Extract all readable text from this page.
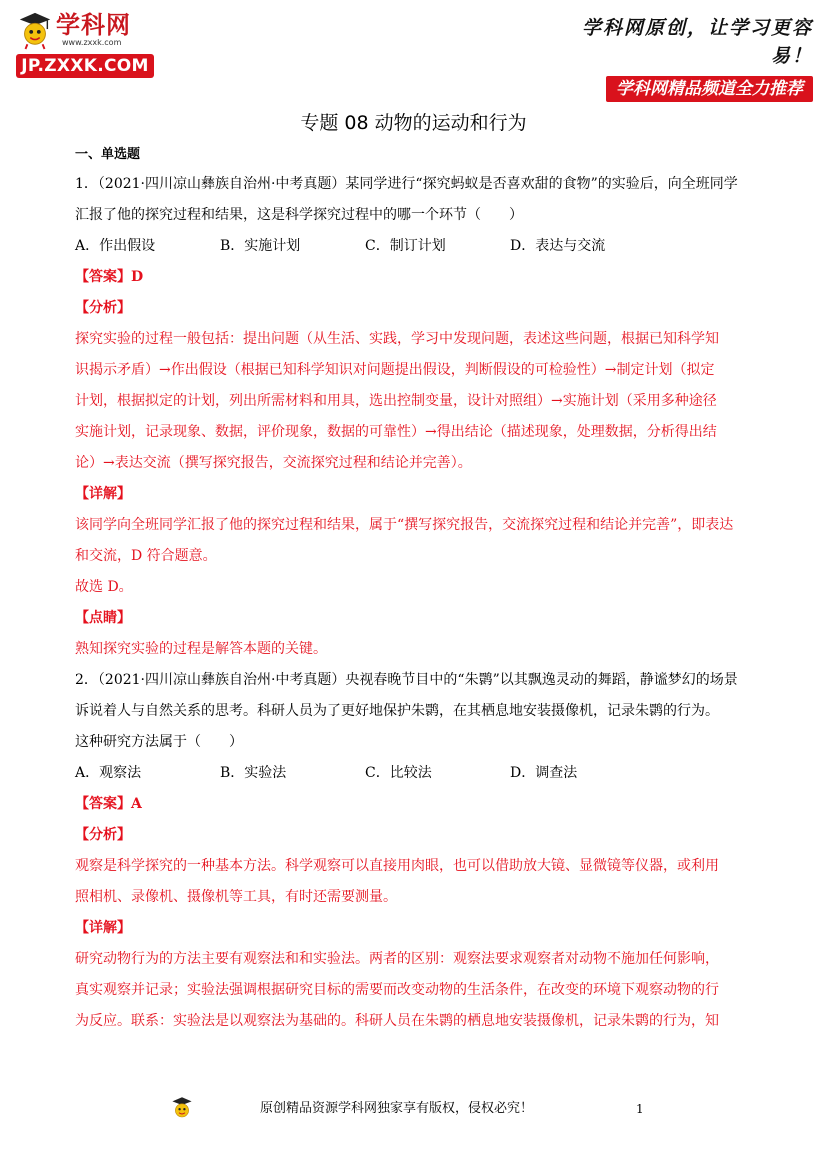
学科网
www.zxxk.com
JP.ZXXK.COM
学科网原创，让学习更容易！
学科网精品频道全力推荐
专题 08 动物的运动和行为
一、单选题

1．（2021·四川凉山彝族自治州·中考真题）某同学进行“探究蚂蚁是否喜欢甜的食物”的实验后，向全班同学

汇报了他的探究过程和结果，这是科学探究过程中的哪一个环节（　　）

A．作出假设	B．实施计划	C．制订计划	D．表达与交流
【答案】D
【分析】

探究实验的过程一般包括：提出问题（从生活、实践，学习中发现问题，表述这些问题，根据已知科学知

识揭示矛盾）→作出假设（根据已知科学知识对问题提出假设，判断假设的可检验性）→制定计划（拟定

计划，根据拟定的计划，列出所需材料和用具，选出控制变量，设计对照组）→实施计划（采用多种途径

实施计划，记录现象、数据，评价现象，数据的可靠性）→得出结论（描述现象，处理数据，分析得出结

论）→表达交流（撰写探究报告，交流探究过程和结论并完善）。

【详解】

该同学向全班同学汇报了他的探究过程和结果，属于“撰写探究报告，交流探究过程和结论并完善”，即表达

和交流，D 符合题意。

故选 D。

【点睛】

熟知探究实验的过程是解答本题的关键。

2．（2021·四川凉山彝族自治州·中考真题）央视春晚节目中的“朱鹮”以其飘逸灵动的舞蹈，静谧梦幻的场景

诉说着人与自然关系的思考。科研人员为了更好地保护朱鹮，在其栖息地安装摄像机，记录朱鹮的行为。

这种研究方法属于（　　）

A．观察法	B．实验法	C．比较法	D．调查法
【答案】A
【分析】

观察是科学探究的一种基本方法。科学观察可以直接用肉眼，也可以借助放大镜、显微镜等仪器，或利用

照相机、录像机、摄像机等工具，有时还需要测量。

【详解】

研究动物行为的方法主要有观察法和和实验法。两者的区别：观察法要求观察者对动物不施加任何影响，

真实观察并记录；实验法强调根据研究目标的需要而改变动物的生活条件，在改变的环境下观察动物的行

为反应。联系：实验法是以观察法为基础的。科研人员在朱鹮的栖息地安装摄像机，记录朱鹮的行为，知

原创精品资源学科网独家享有版权，侵权必究！	1
